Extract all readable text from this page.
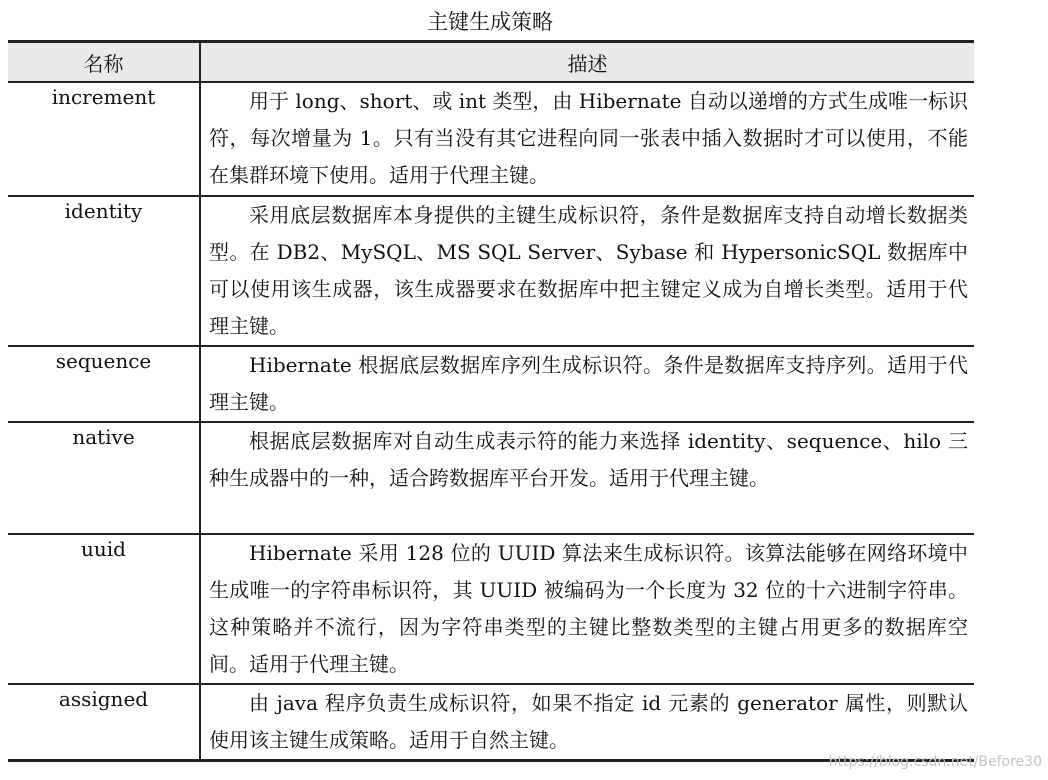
主键生成策略
名称	描述
increment	用于 long、short、或 int 类型，由 Hibernate 自动以递增的方式生成唯一标识符，每次增量为 1。只有当没有其它进程向同一张表中插入数据时才可以使用，不能在集群环境下使用。适用于代理主键。
identity	采用底层数据库本身提供的主键生成标识符，条件是数据库支持自动增长数据类型。在 DB2、MySQL、MS SQL Server、Sybase 和 HypersonicSQL 数据库中可以使用该生成器，该生成器要求在数据库中把主键定义成为自增长类型。适用于代理主键。
sequence	Hibernate 根据底层数据库序列生成标识符。条件是数据库支持序列。适用于代理主键。
native	根据底层数据库对自动生成表示符的能力来选择 identity、sequence、hilo 三种生成器中的一种，适合跨数据库平台开发。适用于代理主键。
uuid	Hibernate 采用 128 位的 UUID 算法来生成标识符。该算法能够在网络环境中生成唯一的字符串标识符，其 UUID 被编码为一个长度为 32 位的十六进制字符串。这种策略并不流行，因为字符串类型的主键比整数类型的主键占用更多的数据库空间。适用于代理主键。
assigned	由 java 程序负责生成标识符，如果不指定 id 元素的 generator 属性，则默认使用该主键生成策略。适用于自然主键。
https://blog.csdn.net/Before30
